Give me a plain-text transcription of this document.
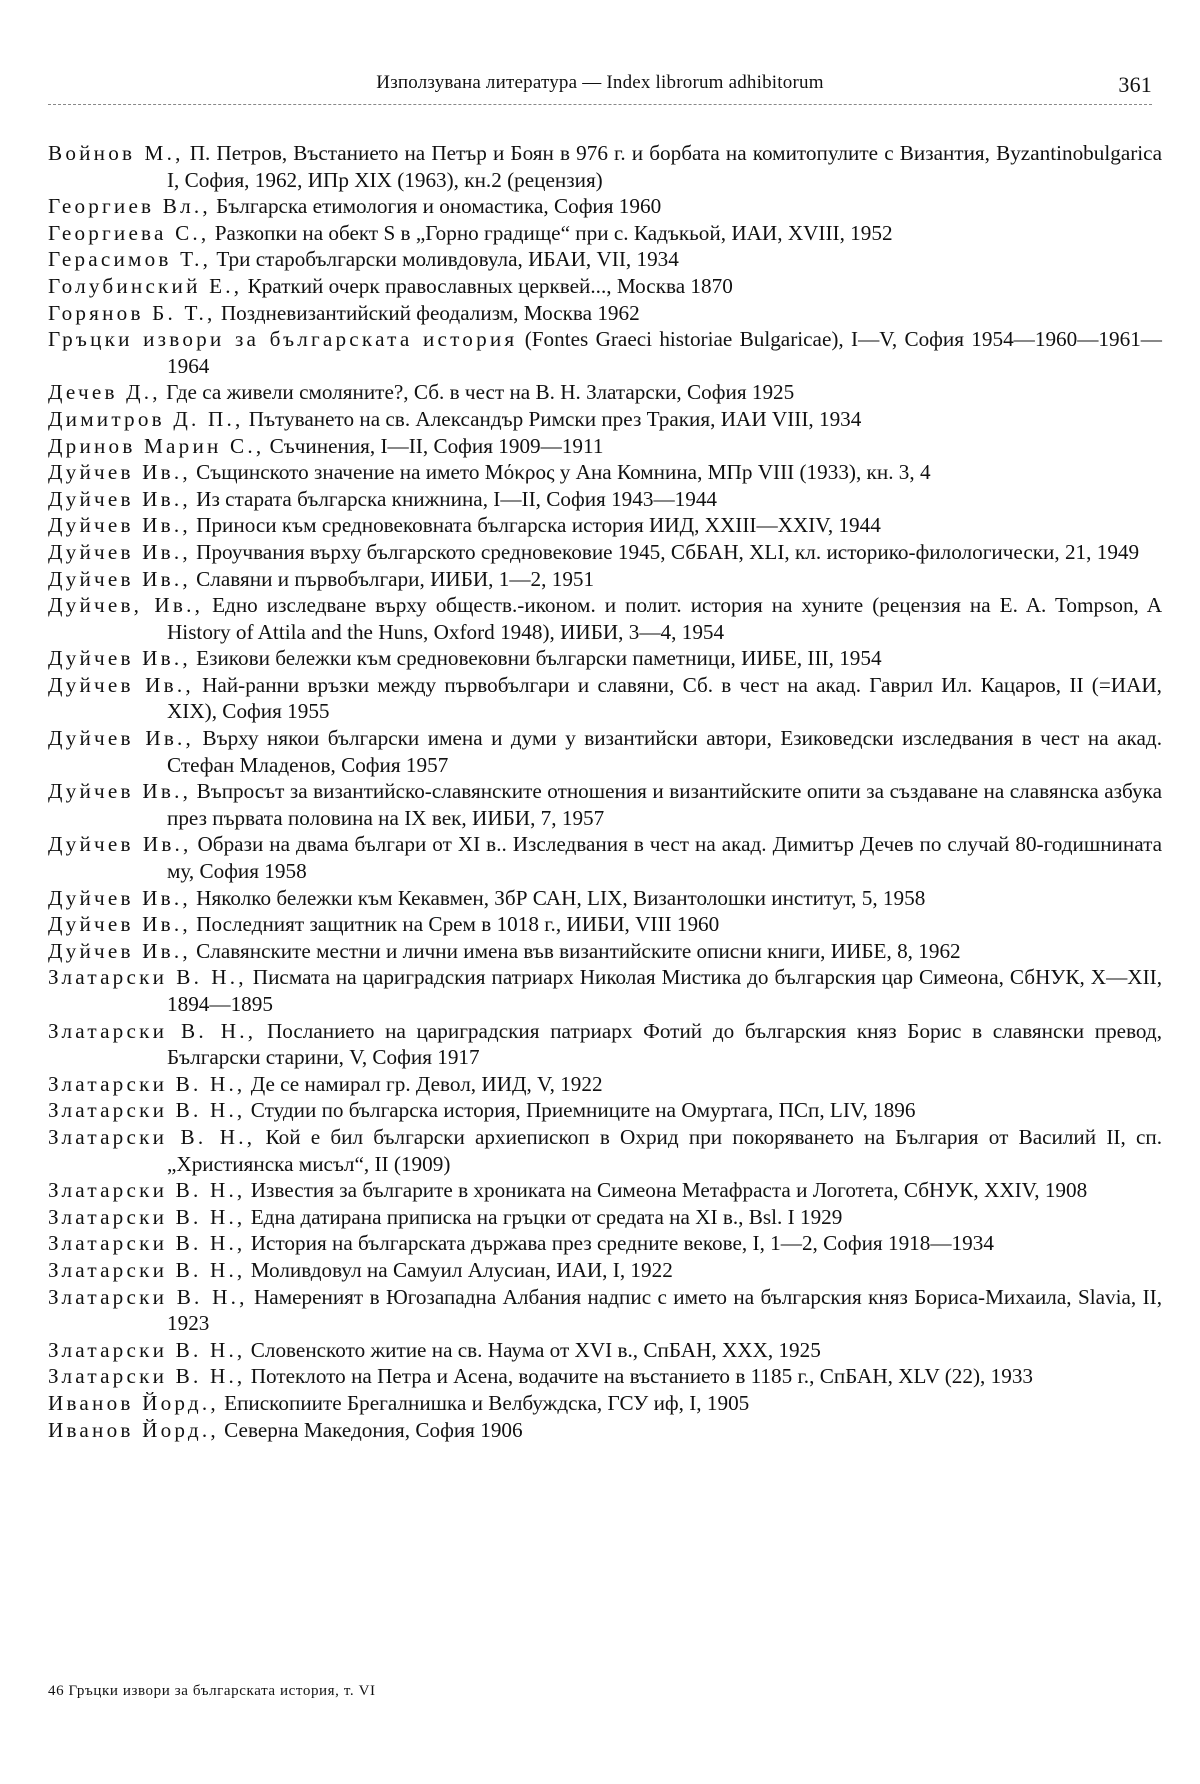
Използувана литература — Index librorum adhibitorum	361

Войнов М., П. Петров, Въстанието на Петър и Боян в 976 г. и борбата на комитопулите с Византия, Byzantinobulgarica I, София, 1962, ИПр XIX (1963), кн.2 (рецензия)

Георгиев Вл., Българска етимология и ономастика, София 1960

Георгиева С., Разкопки на обект S в „Горно градище“ при с. Кадъкьой, ИАИ, XVIII, 1952

Герасимов Т., Три старобългарски моливдовула, ИБАИ, VII, 1934

Голубинский Е., Краткий очерк православных церквей..., Москва 1870

Горянов Б. Т., Поздневизантийский феодализм, Москва 1962

Гръцки извори за българската история (Fontes Graeci historiae Bulgaricae), I—V, София 1954—1960—1961—1964

Дечев Д., Где са живели смоляните?, Сб. в чест на В. Н. Златарски, София 1925

Димитров Д. П., Пътуването на св. Александър Римски през Тракия, ИАИ VIII, 1934

Дринов Марин С., Съчинения, I—II, София 1909—1911

Дуйчев Ив., Същинското значение на името Μόκρος у Ана Комнина, МПр VIII (1933), кн. 3, 4

Дуйчев Ив., Из старата българска книжнина, I—II, София 1943—1944

Дуйчев Ив., Приноси към средновековната българска история ИИД, XXIII—XXIV, 1944

Дуйчев Ив., Проучвания върху българското средновековие 1945, СбБАН, XLI, кл. историко-филологически, 21, 1949

Дуйчев Ив., Славяни и първобългари, ИИБИ, 1—2, 1951

Дуйчев, Ив., Едно изследване върху обществ.-иконом. и полит. история на хуните (рецензия на E. A. Tompson, A History of Attila and the Huns, Oxford 1948), ИИБИ, 3—4, 1954

Дуйчев Ив., Езикови бележки към средновековни български паметници, ИИБЕ, III, 1954

Дуйчев Ив., Най-ранни връзки между първобългари и славяни, Сб. в чест на акад. Гаврил Ил. Кацаров, II (=ИАИ, XIX), София 1955

Дуйчев Ив., Върху някои български имена и думи у византийски автори, Езиковедски изследвания в чест на акад. Стефан Младенов, София 1957

Дуйчев Ив., Въпросът за византийско-славянските отношения и византийските опити за създаване на славянска азбука през първата половина на IX век, ИИБИ, 7, 1957

Дуйчев Ив., Образи на двама българи от XI в.. Изследвания в чест на акад. Димитър Дечев по случай 80-годишнината му, София 1958

Дуйчев Ив., Няколко бележки към Кекавмен, ЗбР САН, LIX, Византолошки институт, 5, 1958

Дуйчев Ив., Последният защитник на Срем в 1018 г., ИИБИ, VIII 1960

Дуйчев Ив., Славянските местни и лични имена във византийските описни книги, ИИБЕ, 8, 1962

Златарски В. Н., Писмата на цариградския патриарх Николая Мистика до българския цар Симеона, СбНУК, X—XII, 1894—1895

Златарски В. Н., Посланието на цариградския патриарх Фотий до българския княз Борис в славянски превод, Български старини, V, София 1917

Златарски В. Н., Де се намирал гр. Девол, ИИД, V, 1922

Златарски В. Н., Студии по българска история, Приемниците на Омуртага, ПСп, LIV, 1896

Златарски В. Н., Кой е бил български архиепископ в Охрид при покоряването на България от Василий II, сп. „Християнска мисъл“, II (1909)

Златарски В. Н., Известия за българите в хрониката на Симеона Метафраста и Логотета, СбНУК, XXIV, 1908

Златарски В. Н., Една датирана приписка на гръцки от средата на XI в., Bsl. I 1929

Златарски В. Н., История на българската държава през средните векове, I, 1—2, София 1918—1934

Златарски В. Н., Моливдовул на Самуил Алусиан, ИАИ, I, 1922

Златарски В. Н., Намереният в Югозападна Албания надпис с името на българския княз Бориса-Михаила, Slavia, II, 1923

Златарски В. Н., Словенското житие на св. Наума от XVI в., СпБАН, XXX, 1925

Златарски В. Н., Потеклото на Петра и Асена, водачите на въстанието в 1185 г., СпБАН, XLV (22), 1933

Иванов Йорд., Епископиите Брегалнишка и Велбуждска, ГСУ иф, I, 1905

Иванов Йорд., Северна Македония, София 1906

46 Гръцки извори за българската история, т. VI
